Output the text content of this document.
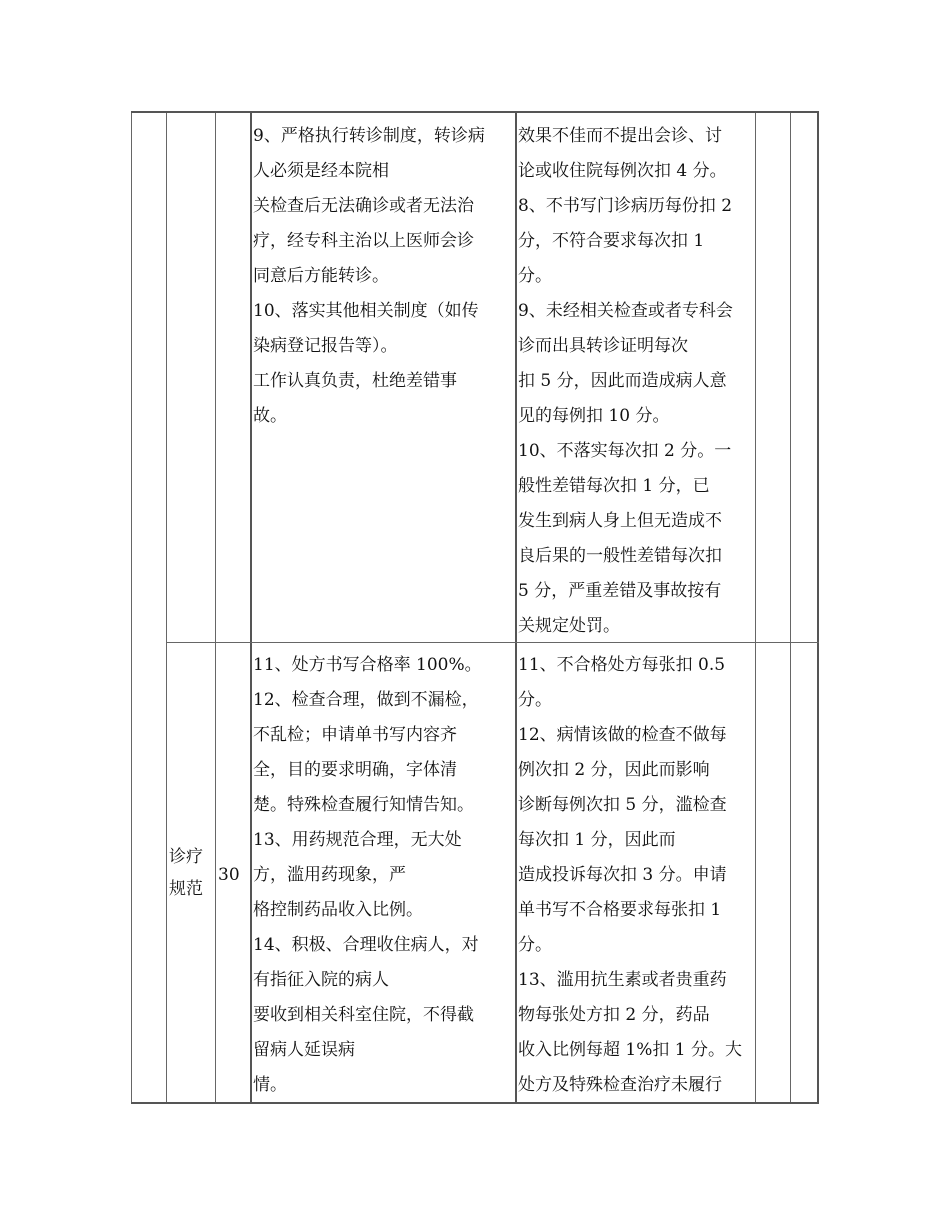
9、严格执行转诊制度，转诊病
人必须是经本院相
关检查后无法确诊或者无法治
疗，经专科主治以上医师会诊
同意后方能转诊。
10、落实其他相关制度（如传
染病登记报告等）。
工作认真负责，杜绝差错事
故。
效果不佳而不提出会诊、讨
论或收住院每例次扣 4 分。
8、不书写门诊病历每份扣 2
分，不符合要求每次扣 1
分。
9、未经相关检查或者专科会
诊而出具转诊证明每次
扣 5 分，因此而造成病人意
见的每例扣 10 分。
10、不落实每次扣 2 分。一
般性差错每次扣 1 分，已
发生到病人身上但无造成不
良后果的一般性差错每次扣
5 分，严重差错及事故按有
关规定处罚。
诊疗
规范
30
11、处方书写合格率 100%。
12、检查合理，做到不漏检，
不乱检；申请单书写内容齐
全，目的要求明确，字体清
楚。特殊检查履行知情告知。
13、用药规范合理，无大处
方，滥用药现象，严
格控制药品收入比例。
14、积极、合理收住病人，对
有指征入院的病人
要收到相关科室住院，不得截
留病人延误病
情。
11、不合格处方每张扣 0.5
分。
12、病情该做的检查不做每
例次扣 2 分，因此而影响
诊断每例次扣 5 分，滥检查
每次扣 1 分，因此而
造成投诉每次扣 3 分。申请
单书写不合格要求每张扣 1
分。
13、滥用抗生素或者贵重药
物每张处方扣 2 分，药品
收入比例每超 1%扣 1 分。大
处方及特殊检查治疗未履行
